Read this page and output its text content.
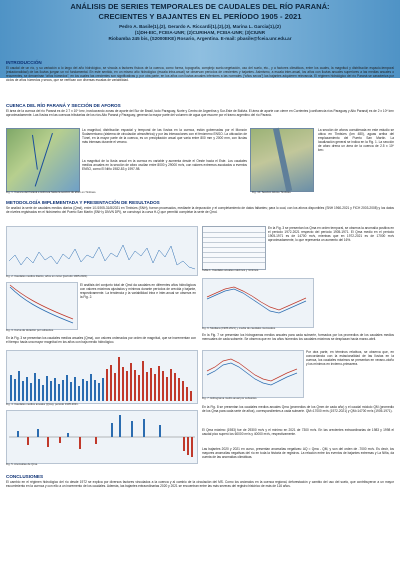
ANÁLISIS DE SERIES TEMPORALES DE CAUDALES DEL RÍO PARANÁ:
CRECIENTES Y BAJANTES EN EL PERÍODO 1905 - 2021
Pedro A. Basile(1),(2), Gerardo A. Riccardi(1),(2),(3), Marina L. Garcia(1),(2)
(1)DH-EIC, FCEIA-UNR; (2)CURIHAM, FCEIA-UNR; (3)CIUNR
Riobamba 245 bis, (S2000EKE) Rosario, Argentina. E-mail: pbasile@fceia.unr.edu.ar
INTRODUCCIÓN
El caudal de un río, y su variación a lo largo del año hidrológico, se vincula a factores físicos de la cuenca, como forma, topografía, complejo suelo-vegetación, uso del suelo, etc., y a factores climáticos, entre los cuales, la magnitud y distribución espacio-temporal (estacionalidad) de las lluvias juegan un rol fundamental. En este sentido, en un mismo año hidrológico (escala intra-anual) se observan períodos de crecientes y bajantes. Asimismo, a escala inter-anual, los años con lluvias anuales superiores a las medias anuales o recurrentes, se denominan “años húmedos”, en los cuales las crecientes son significativas y, por otra parte, en los años con lluvias anuales inferiores a las normales (“años secos”) las bajantes adquieren relevancia. El régimen hidrológico del río Paraná se caracteriza por ciclos de años húmedos y secos, que se verifican con diversas escalas de variabilidad.
CUENCA DEL RÍO PARANÁ Y SECCIÓN DE AFOROS
El área de la cuenca del río Paraná es de 2.7 x 10⁶ km², involucrando zonas de aporte del Sur de Brasil, todo Paraguay, Norte y Centro de Argentina y Sur-Este de Bolivia. El área de aporte con cierre en Corrientes (confluencia ríos Paraguay y Alto Paraná) es de 2 x 10⁶ km² aproximadamente. Las lluvias en las cuencas tributarias de los ríos Alto Paraná y Paraguay, generan la mayor parte del volumen de agua que escurre por el tramo argentino del río Paraná.
Fig. 1. Cuenca del Paraná e Hidrovía hasta la sección de aforo en Timbúes.
La magnitud, distribución espacial y temporal de las lluvias en la cuenca, están gobernadas por el Monzón Sudamericano (sistema de circulación atmosférica) y por las interacciones con el fenómeno ENSO. La ubicación de Túnel, en la mayor parte de la cuenca, es un precipitación anual que varía entre 800 mm y 2000 mm, con lluvias más intensas durante el verano.
La magnitud de la lluvia anual en la cuenca es variable y aumenta desde el Oeste hacia el Este. Los caudales medios anuales en la sección de aforo oscilan entre 8000 y 29000 m³/s, con valores extremos asociados a eventos ENSO, como El Niño 1982-83 y 1997-98.
Fig. 1b. Sección Aforos Timbúes.
La sección de aforos considerada en este estudio se ubica en Timbúes (km 480), aguas arriba del emplazamiento del Puerto San Martín. La localización general se indica en la Fig. 1. La sección de aforo drena un área de la cuenca de 2.5 x 10⁶ km².
METODOLOGÍA IMPLEMENTADA Y PRESENTACIÓN DE RESULTADOS
Se analizó la serie de caudales medios diarios (Qmd), entre 1/1/1905-31/8/2021 en Timbúes (SNH), fueron procesados, mediante la depuración y el completamiento de datos faltantes; para lo cual, con los aforos disponibles (SNH 1960-2021 y FICH 2003-2008) y los datos de niveles registrados en el hidrómetro del Puerto San Martín (SNH y DNVN DPI), se construyó la curva H-Q que permitió completar la serie de Qmd.
Fig. 2. Caudales medios diarios, años en curso (período 1905-2021)
Fig. 3. Curva de duración por subseries.
El análisis del conjunto total de Qmd da caudales en diferentes años hidrológicos con valores máximos ajustados y mínimos durante períodos de crecida y bajante, respectivamente. La tendencia y la variabilidad intra e inter-anual se observa en la Fig. 2.
En la Fig. 3 se presentan los caudales medios anuales (Qma), con valores ordenados por orden de magnitud, que se incrementan con el tiempo hacia una mayor magnitud en los años con baja medio hidrológico.
Fig. 4. Caudales medios anuales (Qma), período 1905-2021.
Fig. 5. Anomalías de Qma.
Tabla 1. Caudales anuales máximos y mínimos.
En la Fig. 3 se presentan los Qma en orden temporal, se observa la anomalía positiva en el período 1972-2021 respecto del período 1905-1971. El Qma medio en el período 1905-1971 es de 14700 m³/s, mientras que en 1972-2021 es de 17000 m³/s aproximadamente, lo que representa un aumento del 16%.
Fig. 6. Mediana (1905-2021) y media de caudales mensuales.
En la Fig. 7 se presentan los hidrogramas medios anuales para cada subserie, formados por los promedios de los caudales medios mensuales de cada subserie. Se observa que en los años húmedos los caudales máximos se desplazan hacia marzo-abril.
Fig. 7. Hidrograma medio anual por subseries.
Por otra parte, en términos relativos, se observa que, en concordancia con la estacionalidad de las lluvias en la cuenca, los caudales máximos se presentan en verano-otoño y los mínimos en invierno-primavera.
En la Fig. 8 se presentan los caudales medios anuales Qma (promedios de los Qmm de cada año) y el caudal módulo QM (promedio de los Qma para cada serie de años), correspondientes a cada subserie. QM=17000 m³/s (1972-2021) y QM=14700 m³/s (1905-1971).
El Qma máximo (1983) fue de 29300 m³/s y el mínimo en 2021 de 7300 m³/s. En las crecientes extraordinarias de 1983 y 1998 el caudal pico superó los 60000 m³/s y 40000 m³/s, respectivamente.
Las bajantes 2020 y 2021 en curso, presentan anomalías negativas: AQ = Qma - QM, y son del orden de -7000 m³/s. Es decir, los mayores anomalías negativas del río en toda la historia de registros. La relación entre los eventos de bajantes extremas y La Niña, da cuenta de las anomalías climáticas.
CONCLUSIONES
El cambio en el régimen hidrológico del río desde 1972 se explica por diversos factores vinculados a la cuenca y al cambio de la circulación del MS. Como los anómalos en la cuenca regional, deforestación y cambio del uso del suelo, que contribuyeron a un mayor escurrimiento en la cuenca y con ello a un incremento de los caudales. Además, las bajantes extraordinarias 2020 y 2021 se encuentran entre las más severas del registro histórico de más de 116 años.
